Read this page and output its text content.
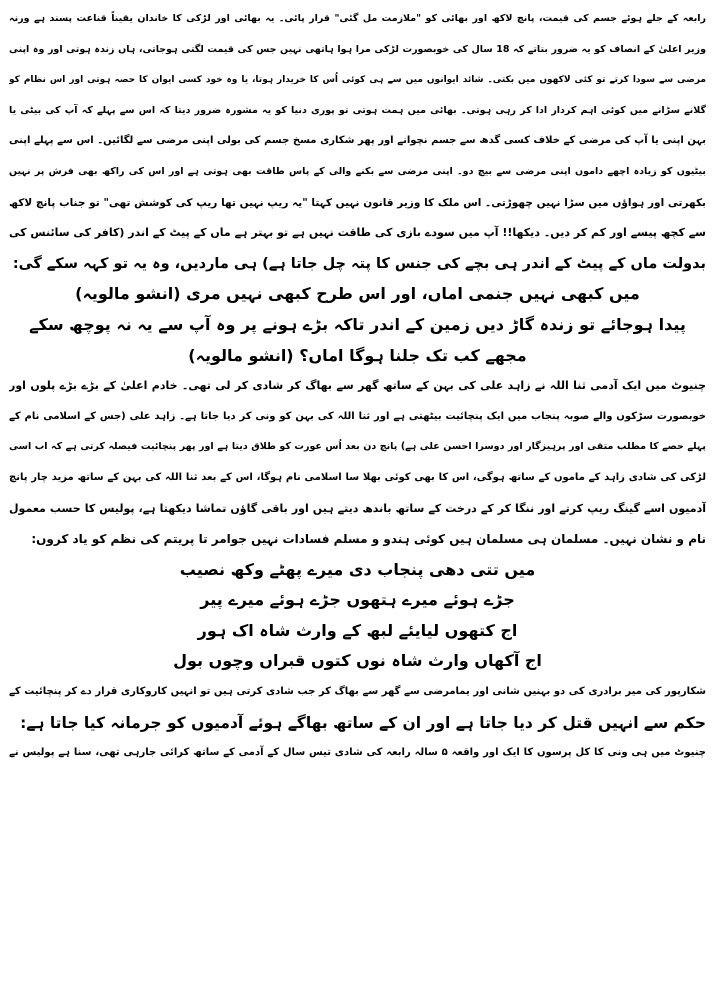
رابعہ کے جلے ہوئے جسم کی قیمت، پانچ لاکھ اور بھائی کو "ملازمت مل گئی" قرار پائی۔ یہ بھائی اور لڑکی کا خاندان یقیناً قناعت پسند ہے ورنہ
وزیر اعلیٰ کے انصاف کو یہ ضرور بتاتے کہ 18 سال کی خوبصورت لڑکی مرا ہوا ہاتھی نہیں جس کی قیمت لگتی ہوجاتی، ہاں زندہ ہوتی اور وہ اپنی
مرضی سے سودا کرتے تو کئی لاکھوں میں بکتی۔ شائد ایوانوں میں سے ہی کوئی اُس کا خریدار ہوتا، یا وہ خود کسی ایوان کا حصہ ہوتی اور اس نظام کو
گلانے سڑانے میں کوئی اہم کردار ادا کر رہی ہوتی۔ بھائی میں ہمت ہوتی تو پوری دنیا کو یہ مشورہ ضرور دیتا کہ اس سے پہلے کہ آپ کی بیٹی یا
بہن اپنی یا آپ کی مرضی کے خلاف کسی گدھ سے جسم نچوانے اور پھر شکاری مسخ جسم کی بولی اپنی مرضی سے لگائیں۔ اس سے پہلے اپنی
بیٹیوں کو زیادہ اچھے داموں اپنی مرضی سے بیچ دو۔ اپنی مرضی سے بکنے والی کے پاس طاقت بھی ہوتی ہے اور اس کی راکھ بھی فرش پر نہیں
بکھرتی اور ہواؤں میں سڑا نہیں چھوڑتی۔ اس ملک کا وزیر قانون نہیں کہتا "یہ ریپ نہیں تھا ریپ کی کوشش تھی" تو جناب پانچ لاکھ
سے کچھ پیسے اور کم کر دیں۔ دیکھا!! آپ میں سودے بازی کی طاقت نہیں ہے تو بہتر ہے ماں کے پیٹ کے اندر (کافر کی سائنس کی
بدولت ماں کے پیٹ کے اندر ہی بچے کی جنس کا پتہ چل جاتا ہے) ہی ماردیں، وہ یہ تو کہہ سکے گی:
میں کبھی نہیں جنمی اماں، اور اس طرح کبھی نہیں مری (انشو مالویہ)
پیدا ہوجائے تو زندہ گاڑ دیں زمین کے اندر تاکہ بڑے ہونے پر وہ آپ سے یہ نہ پوچھ سکے
مجھے کب تک جلنا ہوگا اماں؟ (انشو مالویہ)
چنیوٹ میں ایک آدمی ثنا اللہ نے زاہد علی کی بہن کے ساتھ گھر سے بھاگ کر شادی کر لی تھی۔ خادم اعلیٰ کے بڑے بڑے پلوں اور
خوبصورت سڑکوں والے صوبہ پنجاب میں ایک پنچائیت بیٹھتی ہے اور ثنا اللہ کی بہن کو ونی کر دیا جاتا ہے۔ زاہد علی (جس کے اسلامی نام کے
پہلے حصے کا مطلب متقی اور پرہیزگار اور دوسرا احسن علی ہے) پانچ دن بعد اُس عورت کو طلاق دیتا ہے اور پھر پنچائیت فیصلہ کرتی ہے کہ اب اسی
لڑکی کی شادی زاہد کے ماموں کے ساتھ ہوگی، اس کا بھی کوئی بھلا سا اسلامی نام ہوگا، اس کے بعد ثنا اللہ کی بہن کے ساتھ مزید چار پانچ
آدمیوں اسے گینگ ریپ کرتے اور ننگا کر کے درخت کے ساتھ باندھ دیتے ہیں اور باقی گاؤں تماشا دیکھتا ہے، پولیس کا حسب معمول
نام و نشان نہیں۔ مسلمان ہی مسلمان ہیں کوئی ہندو و مسلم فسادات نہیں جوامر تا پریتم کی نظم کو یاد کروں:
میں تتی دھی پنجاب دی میرے پھٹے وکھ نصیب
جڑے ہوئے میرے ہتھوں جڑے ہوئے میرے پیر
اج کتھوں لیایئے لبھ کے وارث شاہ اک ہور
اج آکھاں وارث شاہ نوں کتوں قبراں وچوں بول
شکارپور کی میر برادری کی دو بہنیں شانی اور یمامرضی سے گھر سے بھاگ کر جب شادی کرتی ہیں تو انہیں کاروکاری قرار دے کر پنچائیت کے
حکم سے انہیں قتل کر دیا جاتا ہے اور ان کے ساتھ بھاگے ہوئے آدمیوں کو جرمانہ کیا جاتا ہے:
چنیوٹ میں ہی ونی کا کل پرسوں کا ایک اور واقعہ ۵ سالہ رابعہ کی شادی تیس سال کے آدمی کے ساتھ کرائی جارہی تھی، سنا ہے پولیس نے
